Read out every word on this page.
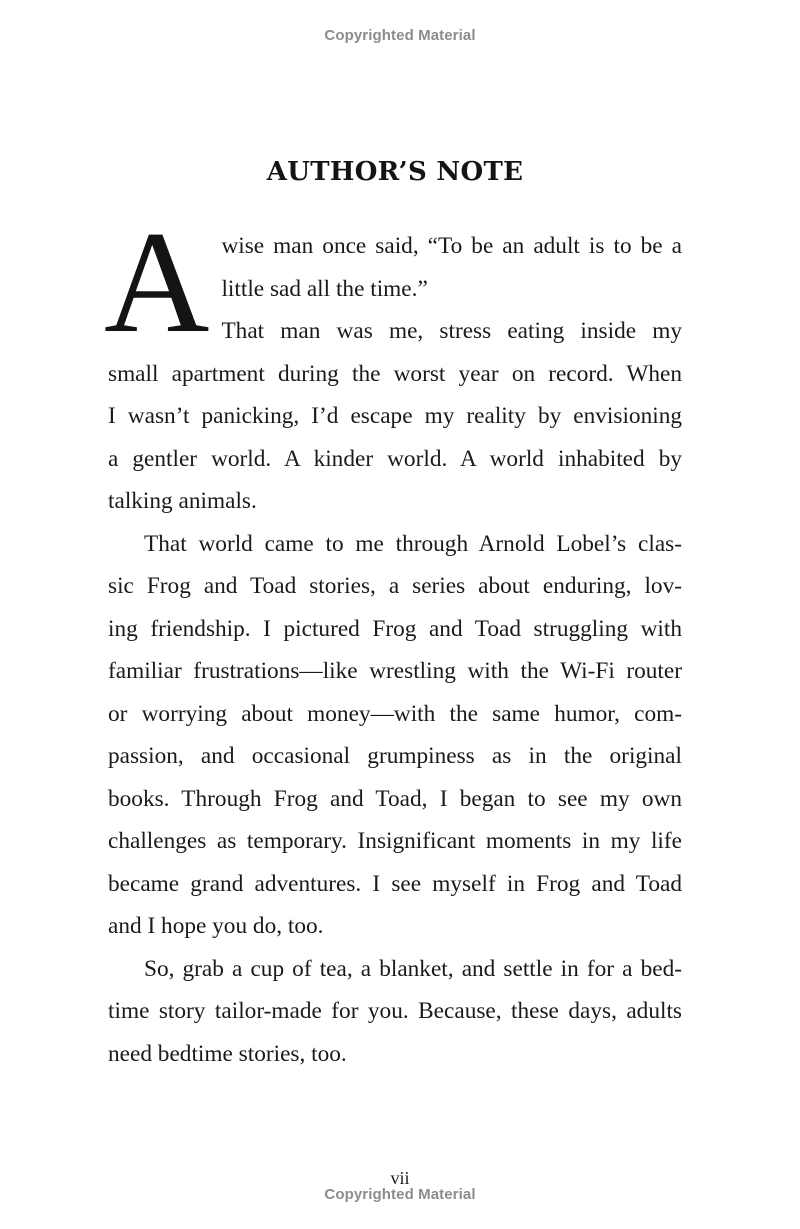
Copyrighted Material
AUTHOR’S NOTE
A wise man once said, “To be an adult is to be a
little sad all the time.”
That man was me, stress eating inside my
small apartment during the worst year on record. When
I wasn’t panicking, I’d escape my reality by envisioning
a gentler world. A kinder world. A world inhabited by
talking animals.
That world came to me through Arnold Lobel’s clas-
sic Frog and Toad stories, a series about enduring, lov-
ing friendship. I pictured Frog and Toad struggling with
familiar frustrations—like wrestling with the Wi-Fi router
or worrying about money—with the same humor, com-
passion, and occasional grumpiness as in the original
books. Through Frog and Toad, I began to see my own
challenges as temporary. Insignificant moments in my life
became grand adventures. I see myself in Frog and Toad
and I hope you do, too.
So, grab a cup of tea, a blanket, and settle in for a bed-
time story tailor-made for you. Because, these days, adults
need bedtime stories, too.
vii
Copyrighted Material
